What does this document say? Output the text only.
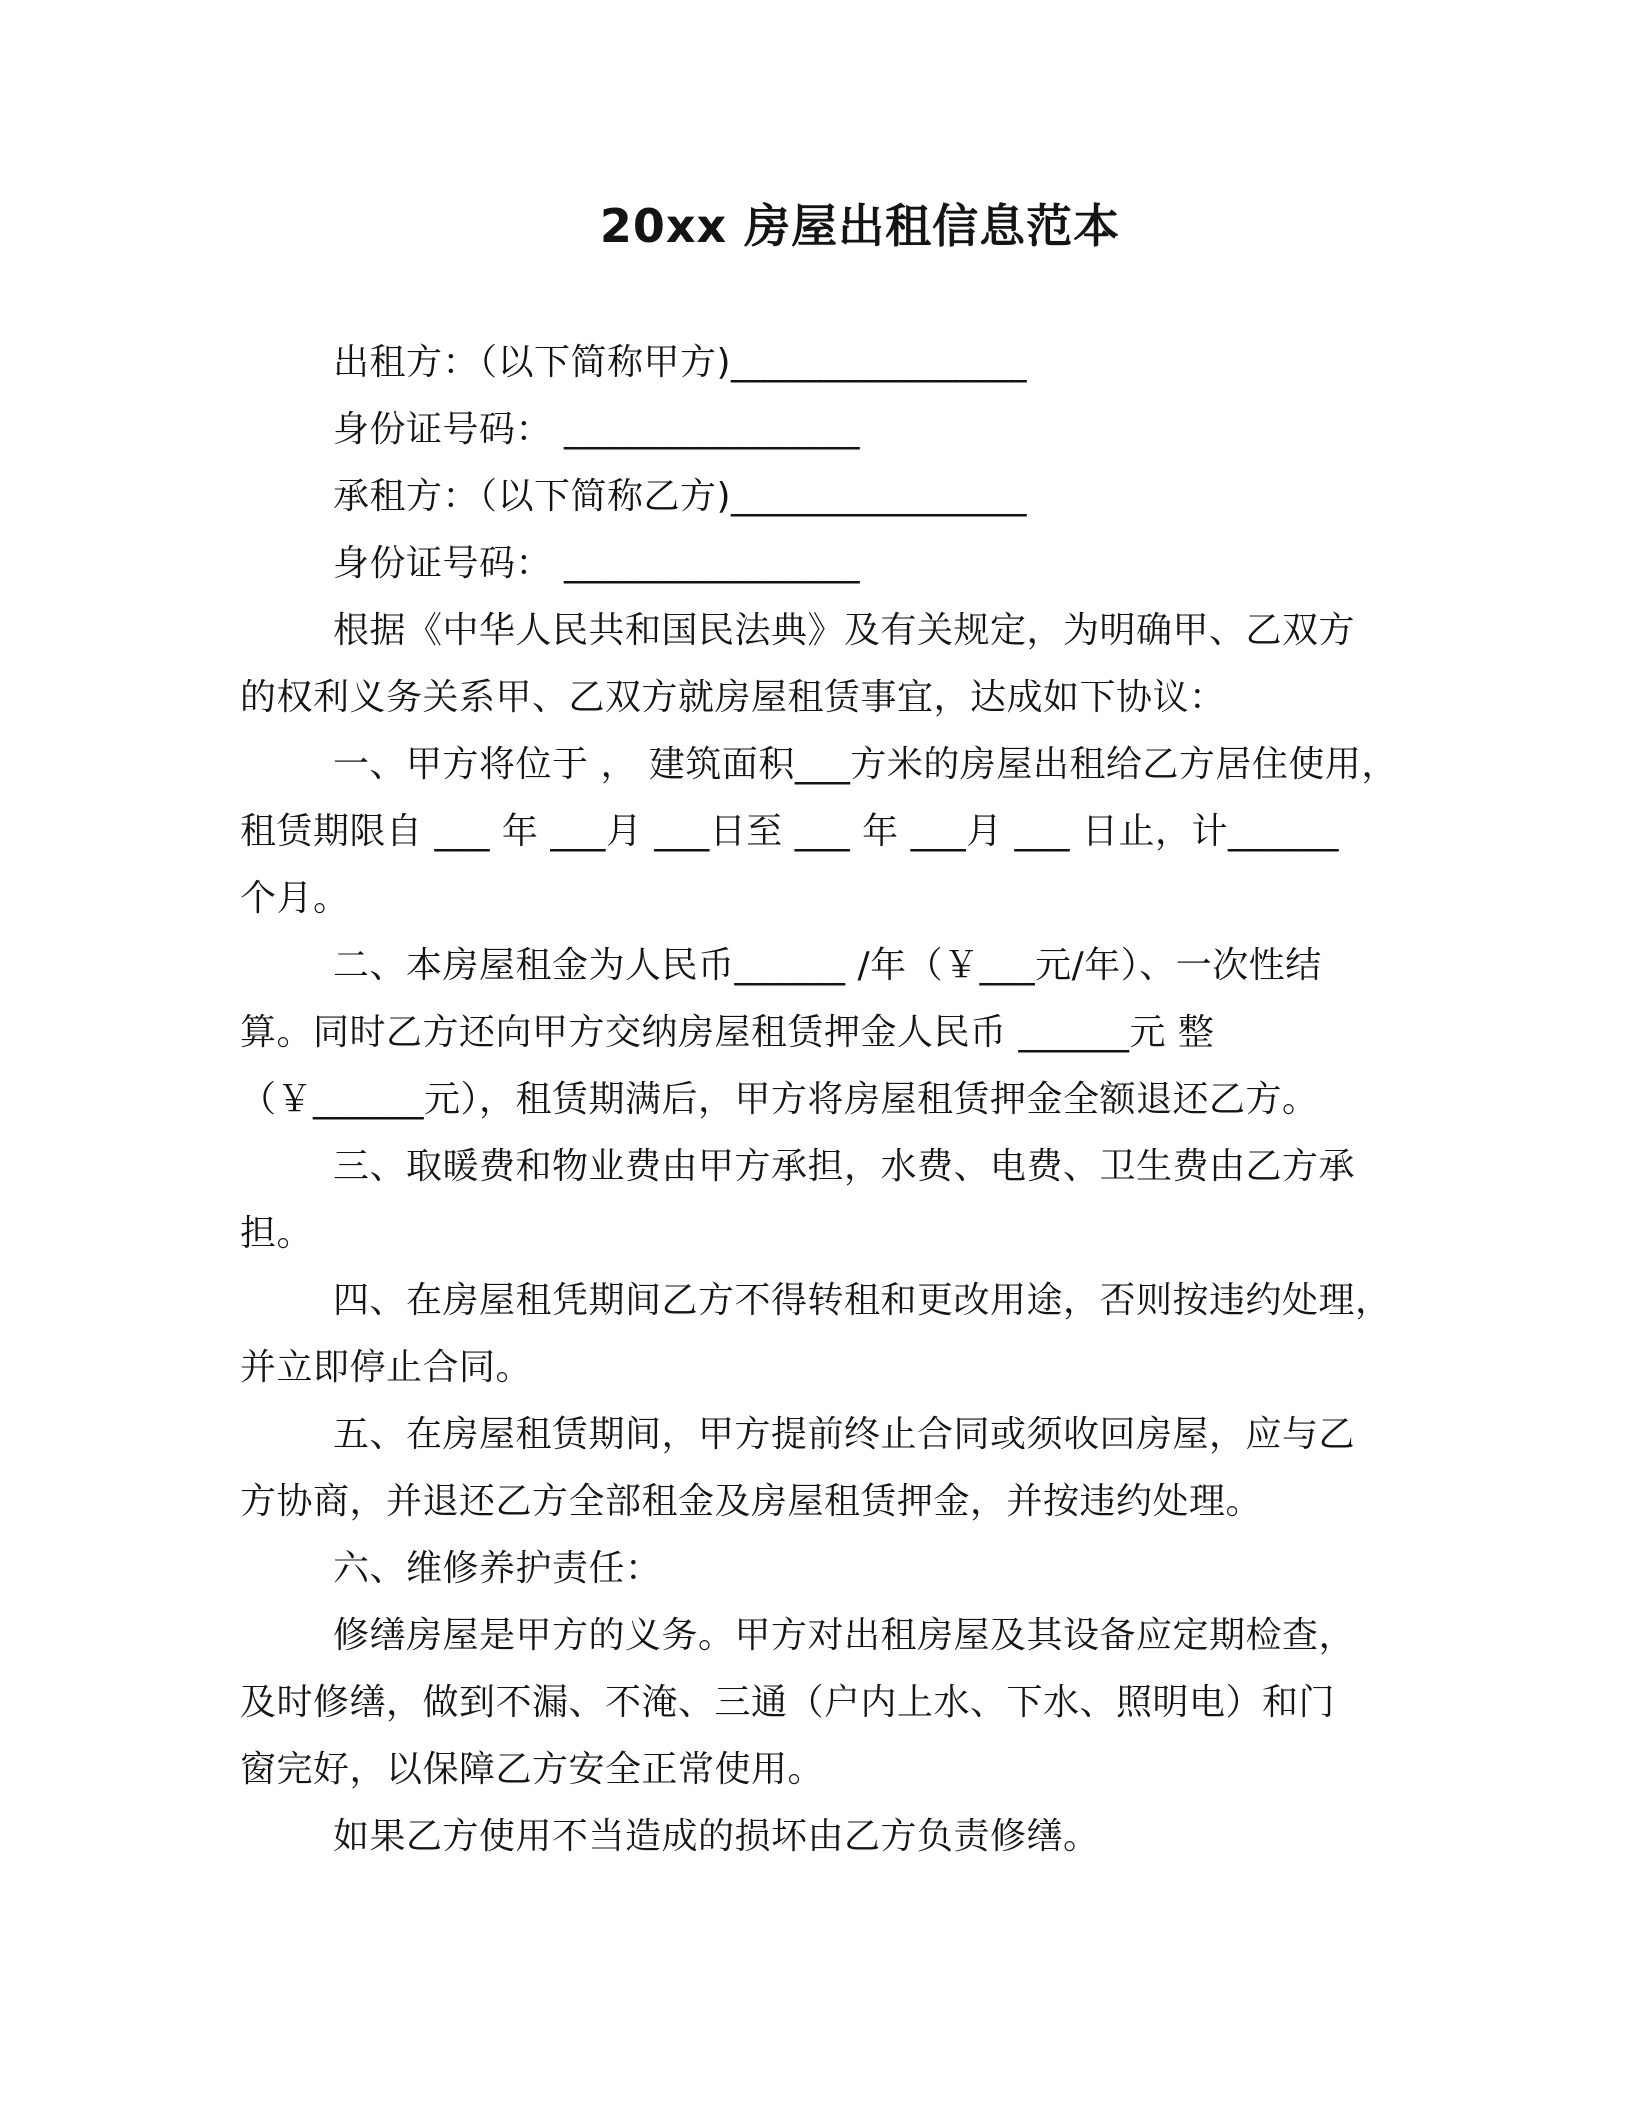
20xx 房屋出租信息范本
出租方：（以下简称甲方)________________
身份证号码： ________________
承租方：（以下简称乙方)________________
身份证号码： ________________
根据《中华人民共和国民法典》及有关规定，为明确甲、乙双方
的权利义务关系甲、乙双方就房屋租赁事宜，达成如下协议：
一、甲方将位于 ， 建筑面积___方米的房屋出租给乙方居住使用，
租赁期限自 ___ 年 ___月 ___日至 ___ 年 ___月 ___ 日止，计______
个月。
二、本房屋租金为人民币______ /年（￥___元/年）、一次性结
算。同时乙方还向甲方交纳房屋租赁押金人民币 ______元 整
（￥______元），租赁期满后，甲方将房屋租赁押金全额退还乙方。
三、取暖费和物业费由甲方承担，水费、电费、卫生费由乙方承
担。
四、在房屋租凭期间乙方不得转租和更改用途，否则按违约处理，
并立即停止合同。
五、在房屋租赁期间，甲方提前终止合同或须收回房屋，应与乙
方协商，并退还乙方全部租金及房屋租赁押金，并按违约处理。
六、维修养护责任：
修缮房屋是甲方的义务。甲方对出租房屋及其设备应定期检查，
及时修缮，做到不漏、不淹、三通（户内上水、下水、照明电）和门
窗完好，以保障乙方安全正常使用。
如果乙方使用不当造成的损坏由乙方负责修缮。
